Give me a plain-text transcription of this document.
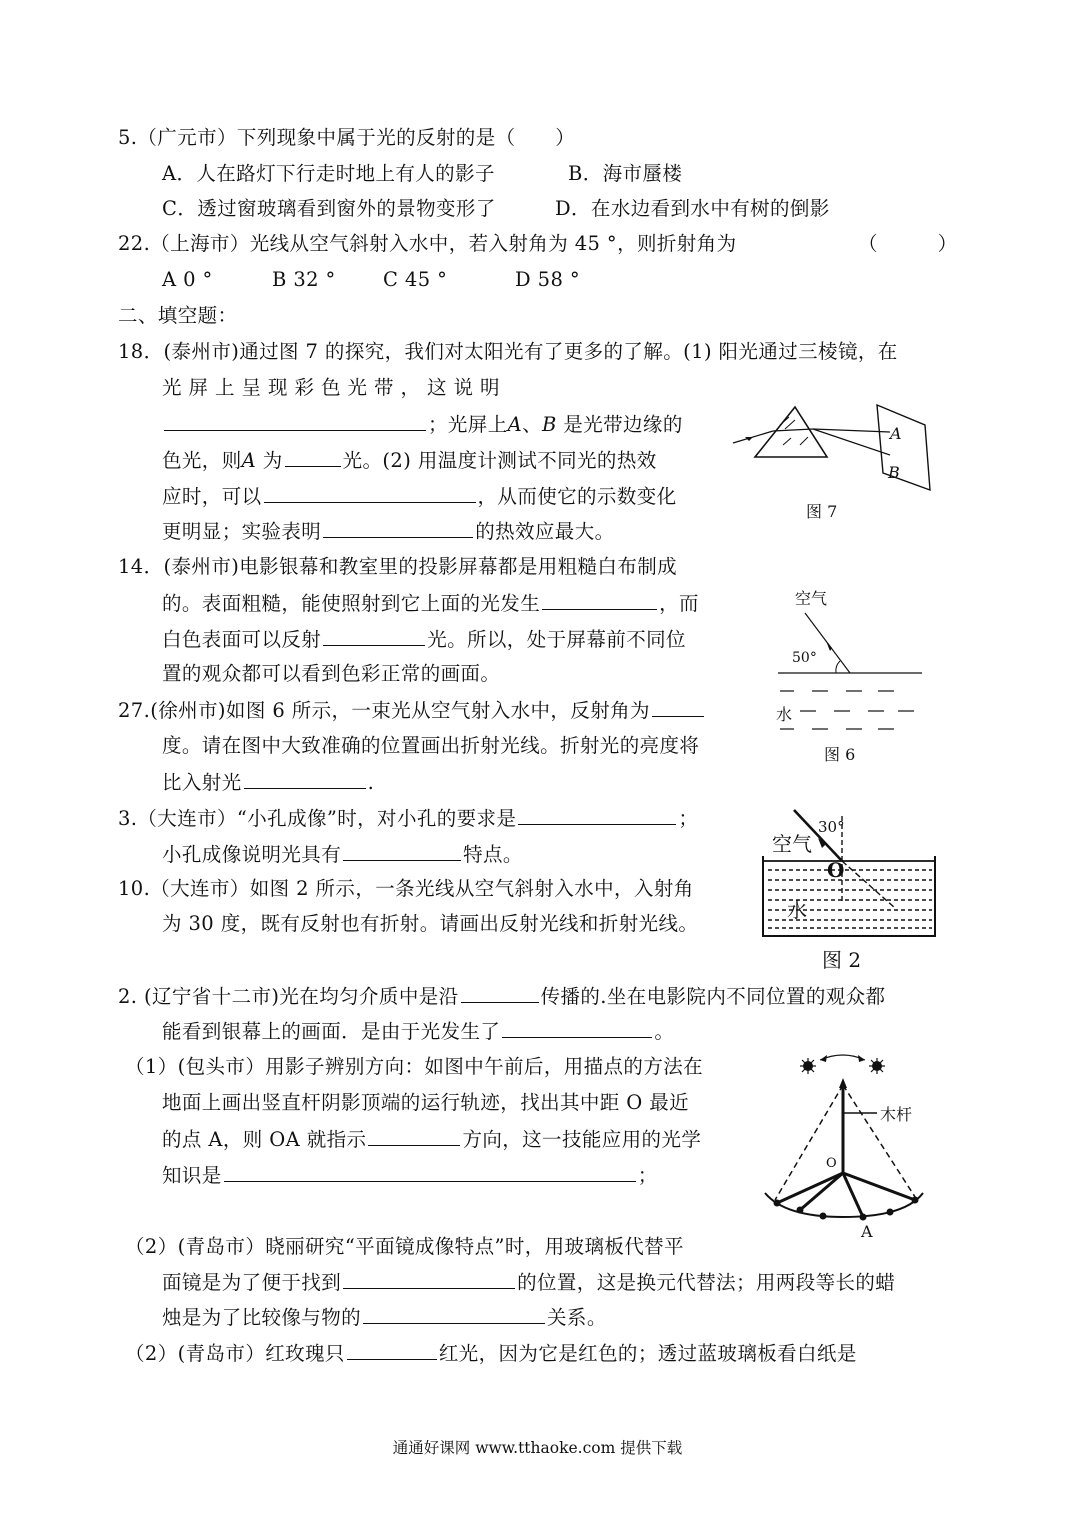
5.（广元市）下列现象中属于光的反射的是（　　）
A．人在路灯下行走时地上有人的影子	B．海市蜃楼
C．透过窗玻璃看到窗外的景物变形了	D．在水边看到水中有树的倒影
22.（上海市）光线从空气斜射入水中，若入射角为 45 °，则折射角为	（　　　）
A 0 °	B 32 ° C 45 °	D 58 °
二、填空题：
18．(泰州市)通过图 7 的探究，我们对太阳光有了更多的了解。(1) 阳光通过三棱镜，在
光 屏 上 呈 现 彩 色 光 带 ， 这 说 明
；光屏上A、B 是光带边缘的
色光，则A 为	光。(2) 用温度计测试不同光的热效
应时，可以	，从而使它的示数变化
更明显；实验表明	的热效应最大。
A
B
图 7
14．(泰州市)电影银幕和教室里的投影屏幕都是用粗糙白布制成
的。表面粗糙，能使照射到它上面的光发生	，而
白色表面可以反射	光。所以，处于屏幕前不同位
置的观众都可以看到色彩正常的画面。
空气
50°
水
图 6
27.(徐州市)如图 6 所示，一束光从空气射入水中，反射角为
度。请在图中大致准确的位置画出折射光线。折射光的亮度将
比入射光	.
3.（大连市）“小孔成像”时，对小孔的要求是	；
小孔成像说明光具有	特点。
10.（大连市）如图 2 所示，一条光线从空气斜射入水中，入射角
为 30 度，既有反射也有折射。请画出反射光线和折射光线。
空气
30°
O
水
图 2
2. (辽宁省十二市)光在均匀介质中是沿	传播的.坐在电影院内不同位置的观众都
能看到银幕上的画面．是由于光发生了	。
（1）(包头市）用影子辨别方向：如图中午前后，用描点的方法在
地面上画出竖直杆阴影顶端的运行轨迹，找出其中距 O 最近
的点 A，则 OA 就指示	方向，这一技能应用的光学
知识是	；
木杆
O
A
（2）(青岛市）晓丽研究“平面镜成像特点”时，用玻璃板代替平
面镜是为了便于找到	的位置，这是换元代替法；用两段等长的蜡
烛是为了比较像与物的	关系。
（2）(青岛市）红玫瑰只	红光，因为它是红色的；透过蓝玻璃板看白纸是
通通好课网 www.tthaoke.com 提供下载
